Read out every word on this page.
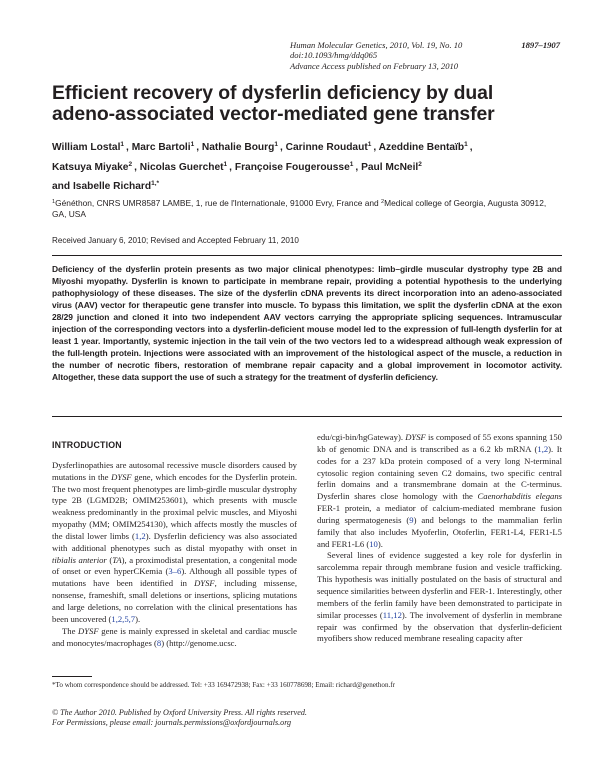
Human Molecular Genetics, 2010, Vol. 19, No. 10	1897–1907
doi:10.1093/hmg/ddq065
Advance Access published on February 13, 2010
Efficient recovery of dysferlin deficiency by dual
adeno-associated vector-mediated gene transfer
William Lostal$^1$ , Marc Bartoli$^1$ , Nathalie Bourg$^1$ , Carinne Roudaut$^1$ , Azeddine Bentaïb$^1$ ,
Katsuya Miyake$^2$ , Nicolas Guerchet$^1$ , Françoise Fougerousse$^1$ , Paul McNeil$^2$
and Isabelle Richard$^{1,*}$
$^1$Généthon, CNRS UMR8587 LAMBE, 1, rue de l'Internationale, 91000 Evry, France and $^2$Medical college of Georgia, Augusta 30912, GA, USA
Received January 6, 2010; Revised and Accepted February 11, 2010

Deficiency of the dysferlin protein presents as two major clinical phenotypes: limb–girdle muscular dystrophy type 2B and Miyoshi myopathy. Dysferlin is known to participate in membrane repair, providing a potential hypothesis to the underlying pathophysiology of these diseases. The size of the dysferlin cDNA prevents its direct incorporation into an adeno-associated virus (AAV) vector for therapeutic gene transfer into muscle. To bypass this limitation, we split the dysferlin cDNA at the exon 28/29 junction and cloned it into two independent AAV vectors carrying the appropriate splicing sequences. Intramuscular injection of the corresponding vectors into a dysferlin-deficient mouse model led to the expression of full-length dysferlin for at least 1 year. Importantly, systemic injection in the tail vein of the two vectors led to a widespread although weak expression of the full-length protein. Injections were associated with an improvement of the histological aspect of the muscle, a reduction in the number of necrotic fibers, restoration of membrane repair capacity and a global improvement in locomotor activity. Altogether, these data support the use of such a strategy for the treatment of dysferlin deficiency.

INTRODUCTION

Dysferlinopathies are autosomal recessive muscle disorders caused by mutations in the DYSF gene, which encodes for the Dysferlin protein. The two most frequent phenotypes are limb-girdle muscular dystrophy type 2B (LGMD2B; OMIM253601), which presents with muscle weakness predominantly in the proximal pelvic muscles, and Miyoshi myopathy (MM; OMIM254130), which affects mostly the muscles of the distal lower limbs (1,2). Dysferlin deficiency was also associated with additional phenotypes such as distal myopathy with onset in tibialis anterior (TA), a proximodistal presentation, a congenital mode of onset or even hyperCKemia (3–6). Although all possible types of mutations have been identified in DYSF, including missense, nonsense, frameshift, small deletions or insertions, splicing mutations and large deletions, no correlation with the clinical presentations has been uncovered (1,2,5,7).

The DYSF gene is mainly expressed in skeletal and cardiac muscle and monocytes/macrophages (8) (http://genome.ucsc.

edu/cgi-bin/hgGateway). DYSF is composed of 55 exons spanning 150 kb of genomic DNA and is transcribed as a 6.2 kb mRNA (1,2). It codes for a 237 kDa protein composed of a very long N-terminal cytosolic region containing seven C2 domains, two specific central ferlin domains and a transmembrane domain at the C-terminus. Dysferlin shares close homology with the Caenorhabditis elegans FER-1 protein, a mediator of calcium-mediated membrane fusion during spermatogenesis (9) and belongs to the mammalian ferlin family that also includes Myoferlin, Otoferlin, FER1-L4, FER1-L5 and FER1-L6 (10).

Several lines of evidence suggested a key role for dysferlin in sarcolemma repair through membrane fusion and vesicle trafficking. This hypothesis was initially postulated on the basis of structural and sequence similarities between dysferlin and FER-1. Interestingly, other members of the ferlin family have been demonstrated to participate in similar processes (11,12). The involvement of dysferlin in membrane repair was confirmed by the observation that dysferlin-deficient myofibers show reduced membrane resealing capacity after

*To whom correspondence should be addressed. Tel: +33 169472938; Fax: +33 160778698; Email: richard@genethon.fr
© The Author 2010. Published by Oxford University Press. All rights reserved.
For Permissions, please email: journals.permissions@oxfordjournals.org
